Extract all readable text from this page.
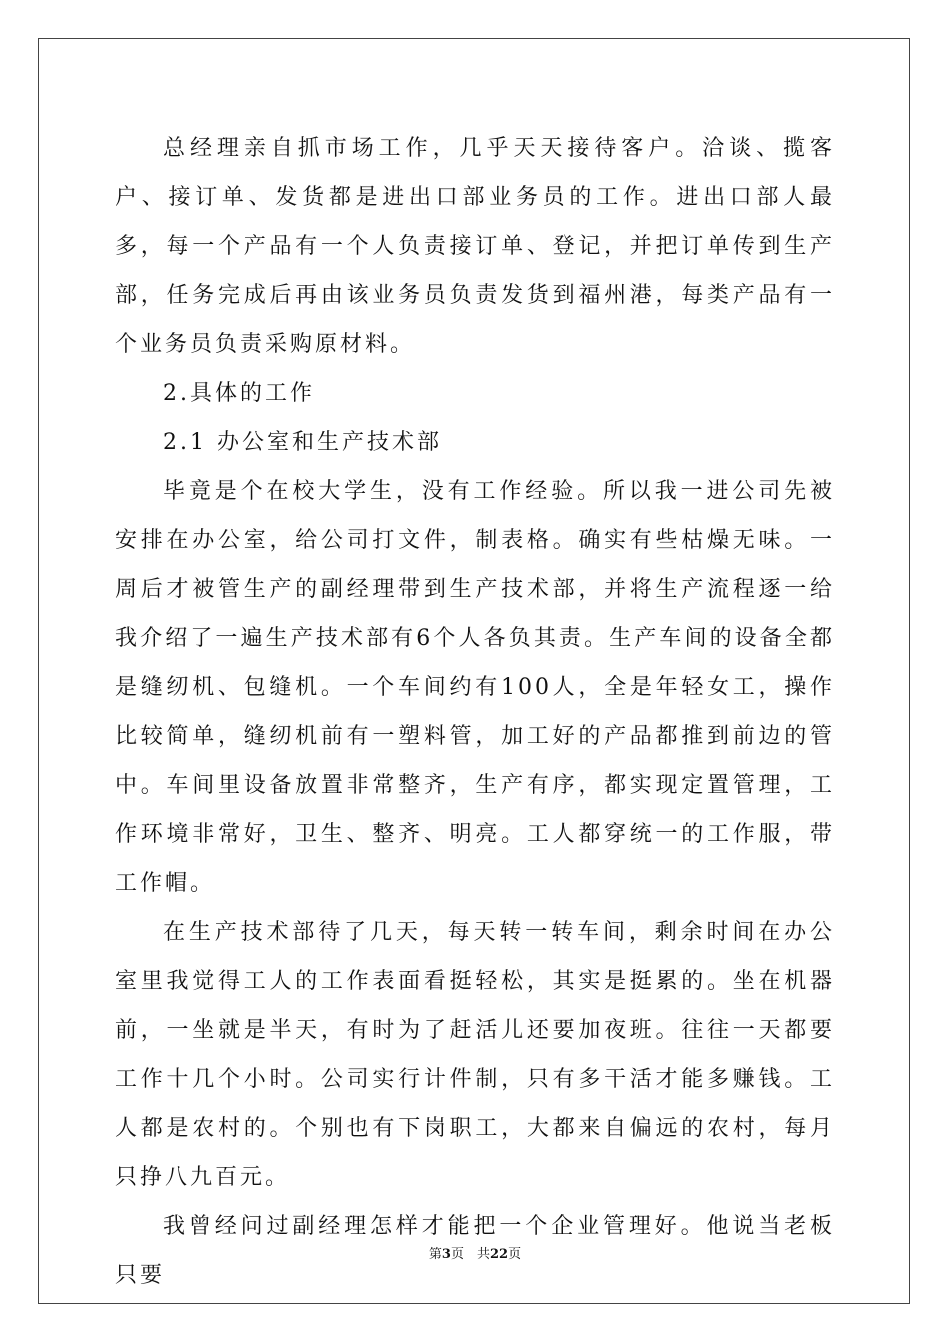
总经理亲自抓市场工作，几乎天天接待客户。洽谈、揽客户、接订单、发货都是进出口部业务员的工作。进出口部人最多，每一个产品有一个人负责接订单、登记，并把订单传到生产部，任务完成后再由该业务员负责发货到福州港，每类产品有一个业务员负责采购原材料。

2.具体的工作

2.1 办公室和生产技术部

毕竟是个在校大学生，没有工作经验。所以我一进公司先被安排在办公室，给公司打文件，制表格。确实有些枯燥无味。一周后才被管生产的副经理带到生产技术部，并将生产流程逐一给我介绍了一遍生产技术部有6个人各负其责。生产车间的设备全都是缝纫机、包缝机。一个车间约有100人，全是年轻女工，操作比较简单，缝纫机前有一塑料管，加工好的产品都推到前边的管中。车间里设备放置非常整齐，生产有序，都实现定置管理，工作环境非常好，卫生、整齐、明亮。工人都穿统一的工作服，带工作帽。

在生产技术部待了几天，每天转一转车间，剩余时间在办公室里我觉得工人的工作表面看挺轻松，其实是挺累的。坐在机器前，一坐就是半天，有时为了赶活儿还要加夜班。往往一天都要工作十几个小时。公司实行计件制，只有多干活才能多赚钱。工人都是农村的。个别也有下岗职工，大都来自偏远的农村，每月只挣八九百元。

我曾经问过副经理怎样才能把一个企业管理好。他说当老板只要

第3页　共22页
